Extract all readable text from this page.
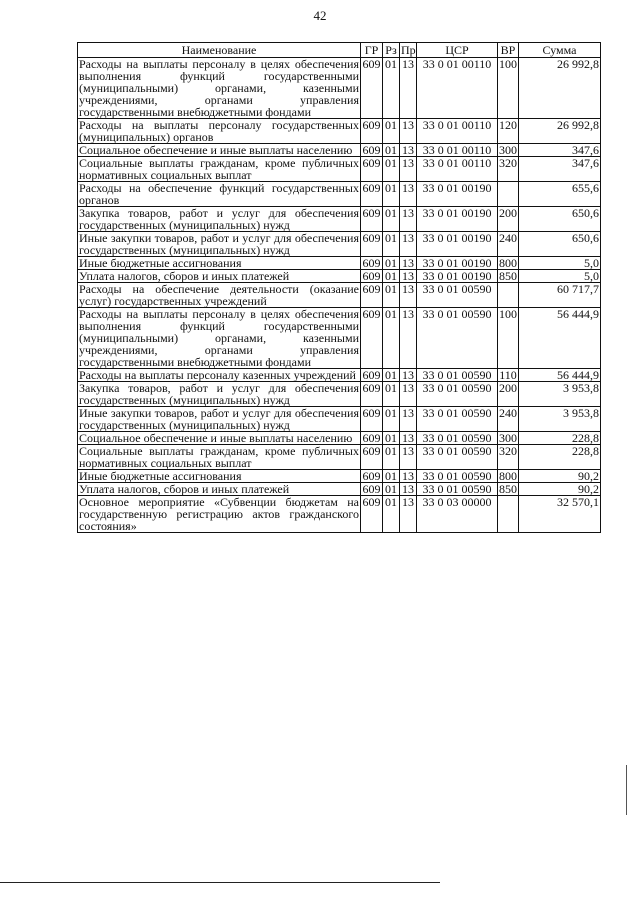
42
Наименование	ГР	Рз	Пр	ЦСР	ВР	Сумма
Расходы на выплаты персоналу в целях обеспечения выполнения функций государственными (муниципальными) органами, казенными учреждениями, органами управления государственными внебюджетными фондами	609	01	13	33 0 01 00110	100	26 992,8
Расходы на выплаты персоналу государственных (муниципальных) органов	609	01	13	33 0 01 00110	120	26 992,8
Социальное обеспечение и иные выплаты населению	609	01	13	33 0 01 00110	300	347,6
Социальные выплаты гражданам, кроме публичных нормативных социальных выплат	609	01	13	33 0 01 00110	320	347,6
Расходы на обеспечение функций государственных органов	609	01	13	33 0 01 00190		655,6
Закупка товаров, работ и услуг для обеспечения государственных (муниципальных) нужд	609	01	13	33 0 01 00190	200	650,6
Иные закупки товаров, работ и услуг для обеспечения государственных (муниципальных) нужд	609	01	13	33 0 01 00190	240	650,6
Иные бюджетные ассигнования	609	01	13	33 0 01 00190	800	5,0
Уплата налогов, сборов и иных платежей	609	01	13	33 0 01 00190	850	5,0
Расходы на обеспечение деятельности (оказание услуг) государственных учреждений	609	01	13	33 0 01 00590		60 717,7
Расходы на выплаты персоналу в целях обеспечения выполнения функций государственными (муниципальными) органами, казенными учреждениями, органами управления государственными внебюджетными фондами	609	01	13	33 0 01 00590	100	56 444,9
Расходы на выплаты персоналу казенных учреждений	609	01	13	33 0 01 00590	110	56 444,9
Закупка товаров, работ и услуг для обеспечения государственных (муниципальных) нужд	609	01	13	33 0 01 00590	200	3 953,8
Иные закупки товаров, работ и услуг для обеспечения государственных (муниципальных) нужд	609	01	13	33 0 01 00590	240	3 953,8
Социальное обеспечение и иные выплаты населению	609	01	13	33 0 01 00590	300	228,8
Социальные выплаты гражданам, кроме публичных нормативных социальных выплат	609	01	13	33 0 01 00590	320	228,8
Иные бюджетные ассигнования	609	01	13	33 0 01 00590	800	90,2
Уплата налогов, сборов и иных платежей	609	01	13	33 0 01 00590	850	90,2
Основное мероприятие «Субвенции бюджетам на государственную регистрацию актов гражданского состояния»	609	01	13	33 0 03 00000		32 570,1
